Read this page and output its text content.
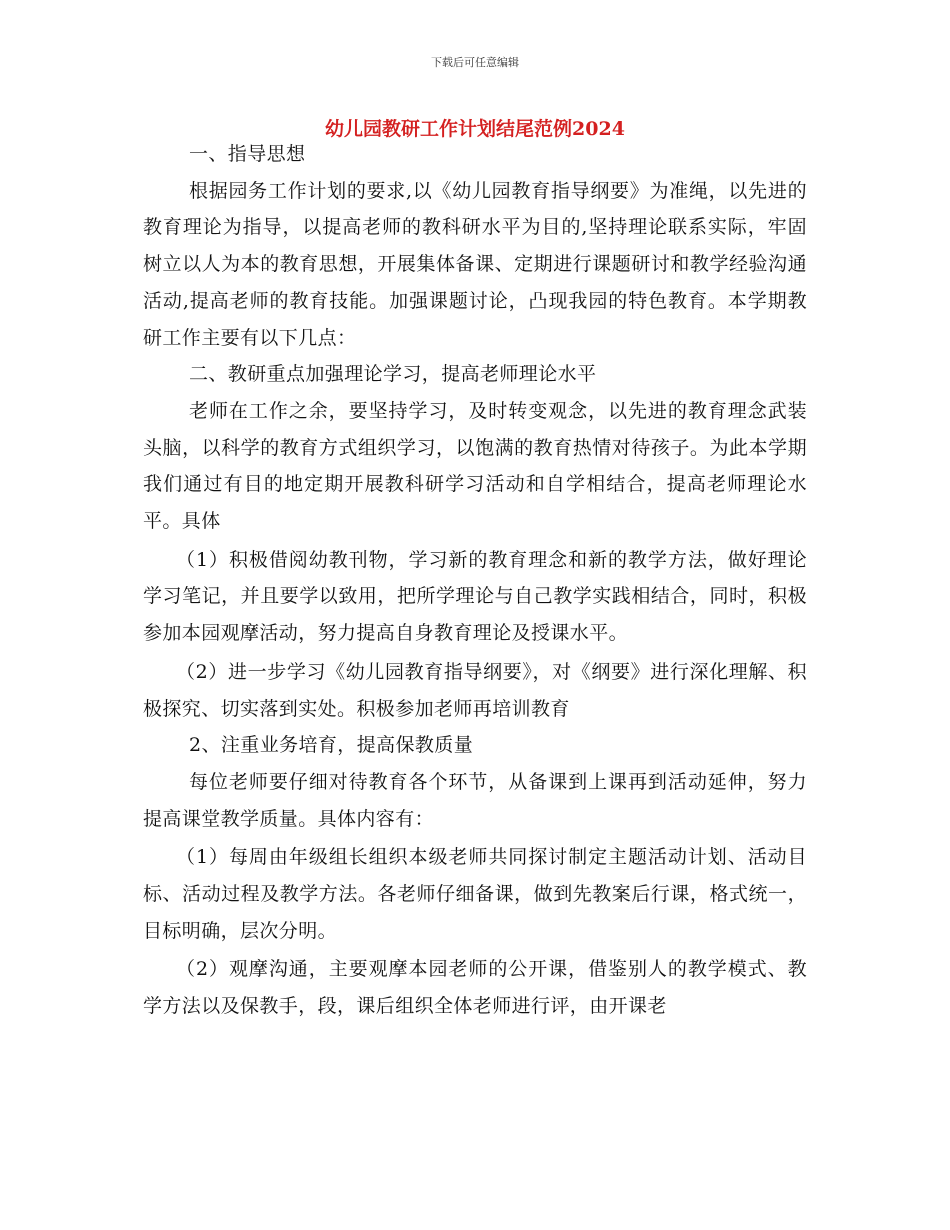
下载后可任意编辑
幼儿园教研工作计划结尾范例2024

一、指导思想

根据园务工作计划的要求,以《幼儿园教育指导纲要》为准绳，以先进的教育理论为指导，以提高老师的教科研水平为目的,坚持理论联系实际，牢固树立以人为本的教育思想，开展集体备课、定期进行课题研讨和教学经验沟通活动,提高老师的教育技能。加强课题讨论，凸现我园的特色教育。本学期教研工作主要有以下几点：

二、教研重点加强理论学习，提高老师理论水平

老师在工作之余，要坚持学习，及时转变观念，以先进的教育理念武装头脑，以科学的教育方式组织学习，以饱满的教育热情对待孩子。为此本学期我们通过有目的地定期开展教科研学习活动和自学相结合，提高老师理论水平。具体

（1）积极借阅幼教刊物，学习新的教育理念和新的教学方法，做好理论学习笔记，并且要学以致用，把所学理论与自己教学实践相结合，同时，积极参加本园观摩活动，努力提高自身教育理论及授课水平。

（2）进一步学习《幼儿园教育指导纲要》，对《纲要》进行深化理解、积极探究、切实落到实处。积极参加老师再培训教育

2、注重业务培育，提高保教质量

每位老师要仔细对待教育各个环节，从备课到上课再到活动延伸，努力提高课堂教学质量。具体内容有：

（1）每周由年级组长组织本级老师共同探讨制定主题活动计划、活动目标、活动过程及教学方法。各老师仔细备课，做到先教案后行课，格式统一，目标明确，层次分明。

（2）观摩沟通，主要观摩本园老师的公开课，借鉴别人的教学模式、教学方法以及保教手，段，课后组织全体老师进行评，由开课老
